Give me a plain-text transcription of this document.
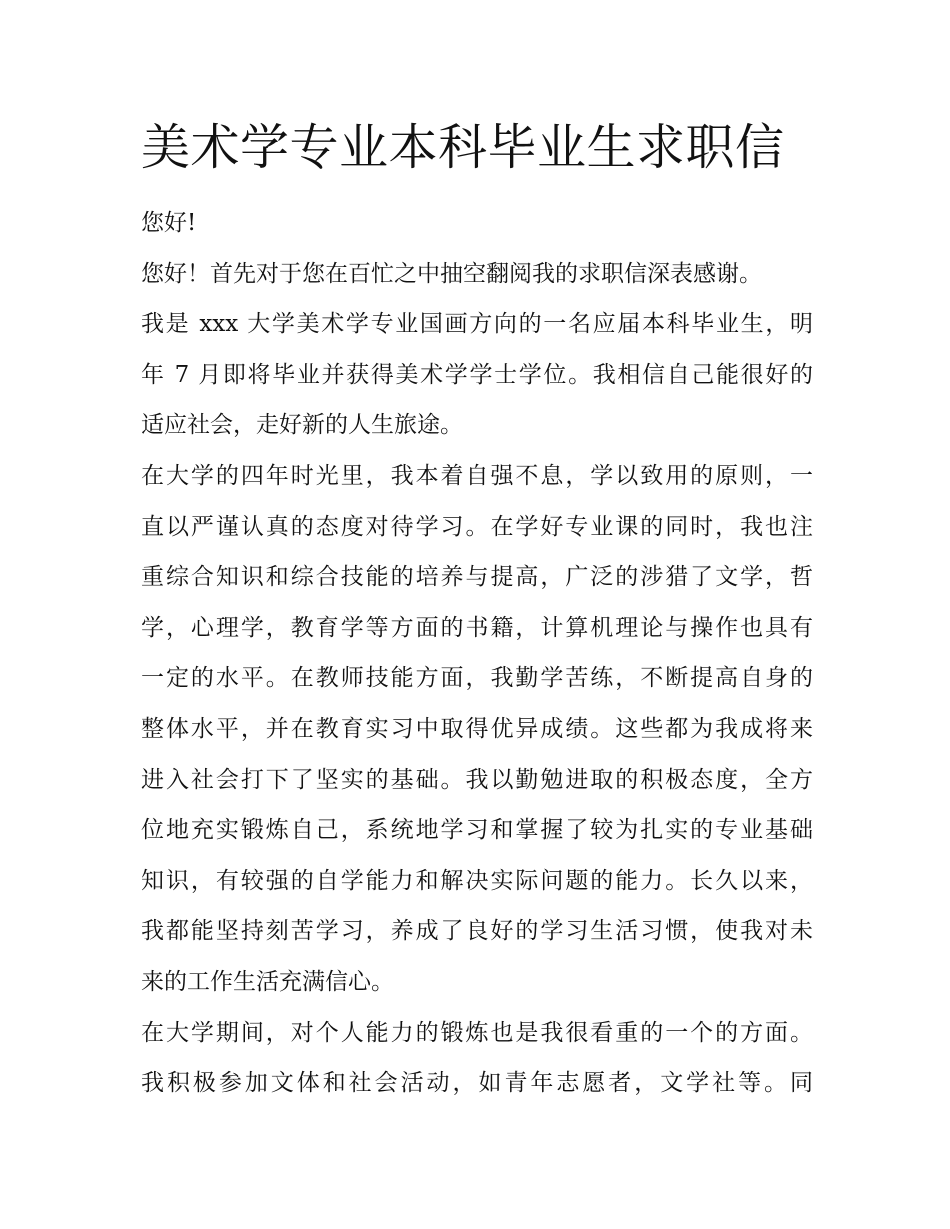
美术学专业本科毕业生求职信
您好!
您好！首先对于您在百忙之中抽空翻阅我的求职信深表感谢。
我是 xxx 大学美术学专业国画方向的一名应届本科毕业生，明
年 7 月即将毕业并获得美术学学士学位。我相信自己能很好的
适应社会，走好新的人生旅途。
在大学的四年时光里，我本着自强不息，学以致用的原则，一
直以严谨认真的态度对待学习。在学好专业课的同时，我也注
重综合知识和综合技能的培养与提高，广泛的涉猎了文学，哲
学，心理学，教育学等方面的书籍，计算机理论与操作也具有
一定的水平。在教师技能方面，我勤学苦练，不断提高自身的
整体水平，并在教育实习中取得优异成绩。这些都为我成将来
进入社会打下了坚实的基础。我以勤勉进取的积极态度，全方
位地充实锻炼自己，系统地学习和掌握了较为扎实的专业基础
知识，有较强的自学能力和解决实际问题的能力。长久以来，
我都能坚持刻苦学习，养成了良好的学习生活习惯，使我对未
来的工作生活充满信心。
在大学期间，对个人能力的锻炼也是我很看重的一个的方面。
我积极参加文体和社会活动，如青年志愿者，文学社等。同
